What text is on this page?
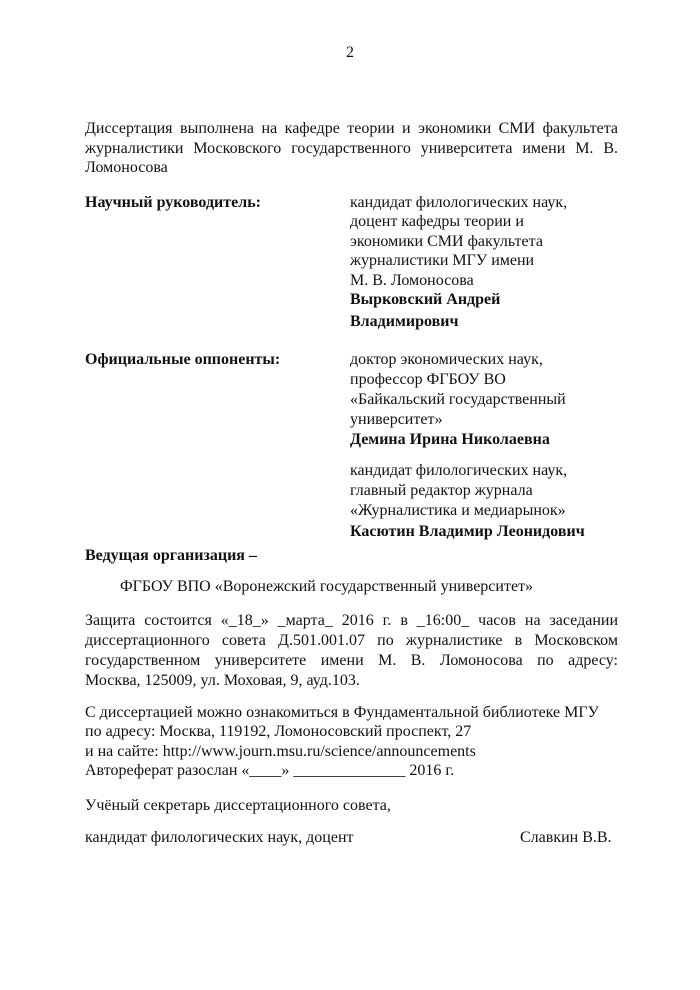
2
Диссертация выполнена на кафедре теории и экономики СМИ факультета
журналистики Московского государственного университета имени М. В.
Ломоносова
Научный руководитель:	кандидат филологических наук,
доцент кафедры теории и
экономики СМИ факультета
журналистики МГУ имени
М. В. Ломоносова
Вырковский Андрей
Владимирович
Официальные оппоненты:	доктор экономических наук,
профессор ФГБОУ ВО
«Байкальский государственный
университет»
Демина Ирина Николаевна
кандидат филологических наук,
главный редактор журнала
«Журналистика и медиарынок»
Касютин Владимир Леонидович
Ведущая организация –
ФГБОУ ВПО «Воронежский государственный университет»
Защита состоится «_18_» _марта_ 2016 г. в _16:00_ часов на заседании
диссертационного совета Д.501.001.07 по журналистике в Московском
государственном университете имени М. В. Ломоносова по адресу:
Москва, 125009, ул. Моховая, 9, ауд.103.
С диссертацией можно ознакомиться в Фундаментальной библиотеке МГУ
по адресу: Москва, 119192, Ломоносовский проспект, 27
и на сайте: http://www.journ.msu.ru/science/announcements
Автореферат разослан «____» ______________ 2016 г.
Учёный секретарь диссертационного совета,
кандидат филологических наук, доцент	Славкин В.В.
